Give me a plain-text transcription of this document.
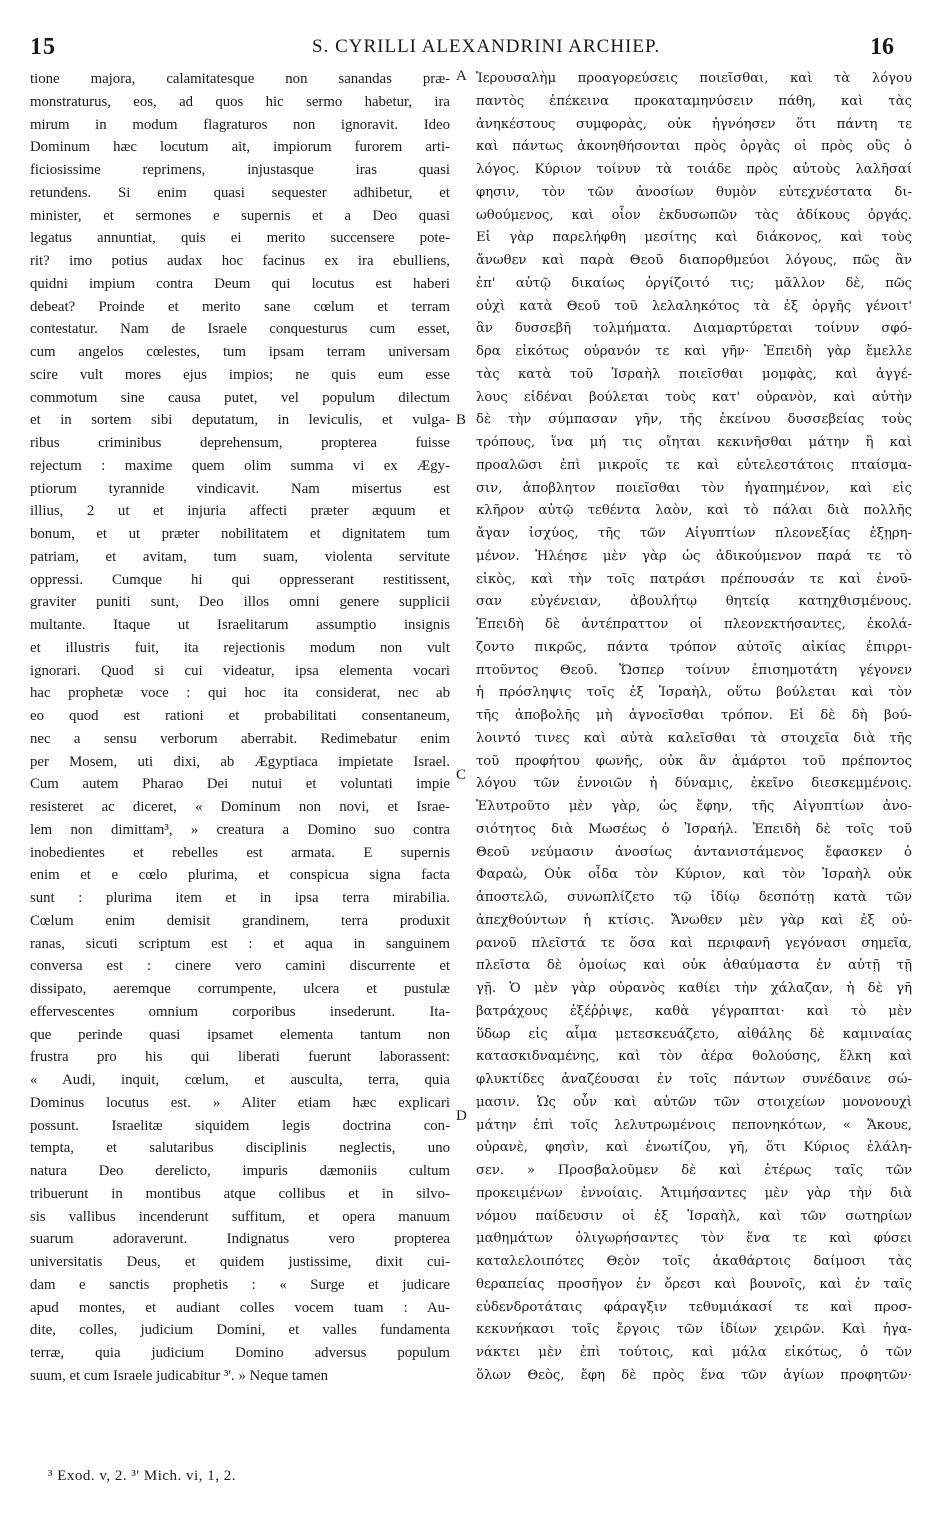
15	S. CYRILLI ALEXANDRINI ARCHIEP.	16
tione majora, calamitatesque non sanandas præ-
monstraturus, eos, ad quos hic sermo habetur, ira
mirum in modum flagraturos non ignoravit. Ideo
Dominum hæc locutum ait, impiorum furorem arti-
ficiosissime reprimens, injustasque iras quasi
retundens. Si enim quasi sequester adhibetur, et
minister, et sermones e supernis et a Deo quasi
legatus annuntiat, quis ei merito succensere pote-
rit? imo potius audax hoc facinus ex ira ebulliens,
quidni impium contra Deum qui locutus est haberi
debeat? Proinde et merito sane cœlum et terram
contestatur. Nam de Israele conquesturus cum esset,
cum angelos cœlestes, tum ipsam terram universam
scire vult mores ejus impios; ne quis eum esse
commotum sine causa putet, vel populum dilectum
et in sortem sibi deputatum, in leviculis, et vulga-
ribus criminibus deprehensum, propterea fuisse
rejectum : maxime quem olim summa vi ex Ægy-
ptiorum tyrannide vindicavit. Nam misertus est
illius, 2 ut et injuria affecti præter æquum et
bonum, et ut præter nobilitatem et dignitatem tum
patriam, et avitam, tum suam, violenta servitute
oppressi. Cumque hi qui oppresserant restitissent,
graviter puniti sunt, Deo illos omni genere supplicii
multante. Itaque ut Israelitarum assumptio insignis
et illustris fuit, ita rejectionis modum non vult
ignorari. Quod si cui videatur, ipsa elementa vocari
hac prophetæ voce : qui hoc ita considerat, nec ab
eo quod est rationi et probabilitati consentaneum,
nec a sensu verborum aberrabit. Redimebatur enim
per Mosem, uti dixi, ab Ægyptiaca impietate Israel.
Cum autem Pharao Dei nutui et voluntati impie
resisteret ac diceret, « Dominum non novi, et Israe-
lem non dimittam³, » creatura a Domino suo contra
inobedientes et rebelles est armata. E supernis
enim et e cœlo plurima, et conspicua signa facta
sunt : plurima item et in ipsa terra mirabilia.
Cœlum enim demisit grandinem, terra produxit
ranas, sicuti scriptum est : et aqua in sanguinem
conversa est : cinere vero camini discurrente et
dissipato, aeremque corrumpente, ulcera et pustulæ
effervescentes omnium corporibus insederunt. Ita-
que perinde quasi ipsamet elementa tantum non
frustra pro his qui liberati fuerunt laborassent:
« Audi, inquit, cœlum, et ausculta, terra, quia
Dominus locutus est. » Aliter etiam hæc explicari
possunt. Israelitæ siquidem legis doctrina con-
tempta, et salutaribus disciplinis neglectis, uno
natura Deo derelicto, impuris dæmoniis cultum
tribuerunt in montibus atque collibus et in silvo-
sis vallibus incenderunt suffitum, et opera manuum
suarum adoraverunt. Indignatus vero propterea
universitatis Deus, et quidem justissime, dixit cui-
dam e sanctis prophetis : « Surge et judicare
apud montes, et audiant colles vocem tuam : Au-
dite, colles, judicium Domini, et valles fundamenta
terræ, quia judicium Domino adversus populum
suum, et cum Israele judicabitur ³'. » Neque tamen
Ἱερουσαλὴμ προαγορεύσεις ποιεῖσθαι, καὶ τὰ λόγου
παντὸς ἐπέκεινα προκαταμηνύσειν πάθη, καὶ τὰς
ἀνηκέστους συμφορὰς, οὐκ ἠγνόησεν ὅτι πάντη τε
καὶ πάντως ἀκονηθήσονται πρὸς ὀργὰς οἱ πρὸς οὓς ὁ
λόγος. Κύριον τοίνυν τὰ τοιάδε πρὸς αὐτοὺς λαλῆσαί
φησιν, τὸν τῶν ἀνοσίων θυμὸν εὐτεχνέστατα δι-
ωθούμενος, καὶ οἷον ἐκδυσωπῶν τὰς ἀδίκους ὀργάς.
Εἰ γὰρ παρελήφθη μεσίτης καὶ διάκονος, καὶ τοὺς
ἄνωθεν καὶ παρὰ Θεοῦ διαπορθμεύοι λόγους, πῶς ἂν
ἐπ' αὐτῷ δικαίως ὀργίζοιτό τις; μᾶλλον δὲ, πῶς
οὐχὶ κατὰ Θεοῦ τοῦ λελαληκότος τὰ ἐξ ὀργῆς γένοιτ'
ἂν δυσσεβῆ τολμήματα. Διαμαρτύρεται τοίνυν σφό-
δρα εἰκότως οὐρανόν τε καὶ γῆν· Ἐπειδὴ γὰρ ἔμελλε
τὰς κατὰ τοῦ Ἰσραὴλ ποιεῖσθαι μομφὰς, καὶ ἀγγέ-
λους εἰδέναι βούλεται τοὺς κατ' οὐρανὸν, καὶ αὐτὴν
δὲ τὴν σύμπασαν γῆν, τῆς ἐκείνου δυσσεβείας τοὺς
τρόπους, ἵνα μή τις οἴηται κεκινῆσθαι μάτην ἢ καὶ
προαλῶσι ἐπὶ μικροῖς τε καὶ εὐτελεστάτοις πταίσμα-
σιν, ἀποβλητον ποιεῖσθαι τὸν ἠγαπημένον, καὶ εἰς
κλῆρον αὐτῷ τεθέντα λαὸν, καὶ τὸ πάλαι διὰ πολλῆς
ἄγαν ἰσχύος, τῆς τῶν Αἰγυπτίων πλεονεξίας ἐξῃρη-
μένον. Ἠλέησε μὲν γὰρ ὡς ἀδικούμενον παρά τε τὸ
εἰκὸς, καὶ τὴν τοῖς πατράσι πρέπουσάν τε καὶ ἐνοῦ-
σαν εὐγένειαν, ἀβουλήτῳ θητείᾳ κατηχθισμένους.
Ἐπειδὴ δὲ ἀντέπραττον οἱ πλεονεκτήσαντες, ἐκολά-
ζοντο πικρῶς, πάντα τρόπον αὐτοῖς αἰκίας ἐπιρρι-
πτοῦντος Θεοῦ. Ὥσπερ τοίνυν ἐπισημοτάτη γέγονεν
ἡ πρόσληψις τοῖς ἐξ Ἰσραὴλ, οὕτω βούλεται καὶ τὸν
τῆς ἀποβολῆς μὴ ἀγνοεῖσθαι τρόπον. Εἰ δὲ δὴ βού-
λοιντό τινες καὶ αὐτὰ καλεῖσθαι τὰ στοιχεῖα διὰ τῆς
τοῦ προφήτου φωνῆς, οὐκ ἂν ἁμάρτοι τοῦ πρέποντος
λόγου τῶν ἐννοιῶν ἡ δύναμις, ἐκεῖνο διεσκεμμένοις.
Ἐλυτροῦτο μὲν γὰρ, ὡς ἔφην, τῆς Αἰγυπτίων ἀνο-
σιότητος διὰ Μωσέως ὁ Ἰσραήλ. Ἐπειδὴ δὲ τοῖς τοῦ
Θεοῦ νεύμασιν ἀνοσίως ἀντανιστάμενος ἔφασκεν ὁ
Φαραὼ, Οὐκ οἶδα τὸν Κύριον, καὶ τὸν Ἰσραὴλ οὐκ
ἀποστελῶ, συνωπλίζετο τῷ ἰδίῳ δεσπότῃ κατὰ τῶν
ἀπεχθούντων ἡ κτίσις. Ἄνωθεν μὲν γὰρ καὶ ἐξ οὐ-
ρανοῦ πλεῖστά τε ὅσα καὶ περιφανῆ γεγόνασι σημεῖα,
πλεῖστα δὲ ὁμοίως καὶ οὐκ ἀθαύμαστα ἐν αὐτῇ τῇ
γῇ. Ὁ μὲν γὰρ οὐρανὸς καθίει τὴν χάλαζαν, ἡ δὲ γῆ
βατράχους ἐξέῤῥιψε, καθὰ γέγραπται· καὶ τὸ μὲν
ὕδωρ εἰς αἷμα μετεσκευάζετο, αἰθάλης δὲ καμιναίας
κατασκιδναμένης, καὶ τὸν ἀέρα θολούσης, ἕλκη καὶ
φλυκτίδες ἀναζέουσαι ἐν τοῖς πάντων συνέδαινε σώ-
μασιν. Ὡς οὖν καὶ αὐτῶν τῶν στοιχείων μονονουχὶ
μάτην ἐπὶ τοῖς λελυτρωμένοις πεπονηκότων, « Ἄκουε,
οὐρανὲ, φησὶν, καὶ ἐνωτίζου, γῆ, ὅτι Κύριος ἐλάλη-
σεν. » Προσβαλοῦμεν δὲ καὶ ἑτέρως ταῖς τῶν
προκειμένων ἐννοίαις. Ἀτιμήσαντες μὲν γὰρ τὴν διὰ
νόμου παίδευσιν οἱ ἐξ Ἰσραὴλ, καὶ τῶν σωτηρίων
μαθημάτων ὀλιγωρήσαντες τὸν ἕνα τε καὶ φύσει
καταλελοιπότες Θεὸν τοῖς ἀκαθάρτοις δαίμοσι τὰς
θεραπείας προσῆγον ἐν ὄρεσι καὶ βουνοῖς, καὶ ἐν ταῖς
εὐδενδροτάταις φάραγξιν τεθυμιάκασί τε καὶ προσ-
κεκυνήκασι τοῖς ἔργοις τῶν ἰδίων χειρῶν. Καὶ ἠγα-
νάκτει μὲν ἐπὶ τούτοις, καὶ μάλα εἰκότως, ὁ τῶν
ὅλων Θεὸς, ἔφη δὲ πρὸς ἕνα τῶν ἁγίων προφητῶν·
A
B
C
D
³ Exod. v, 2. ³' Mich. vi, 1, 2.
